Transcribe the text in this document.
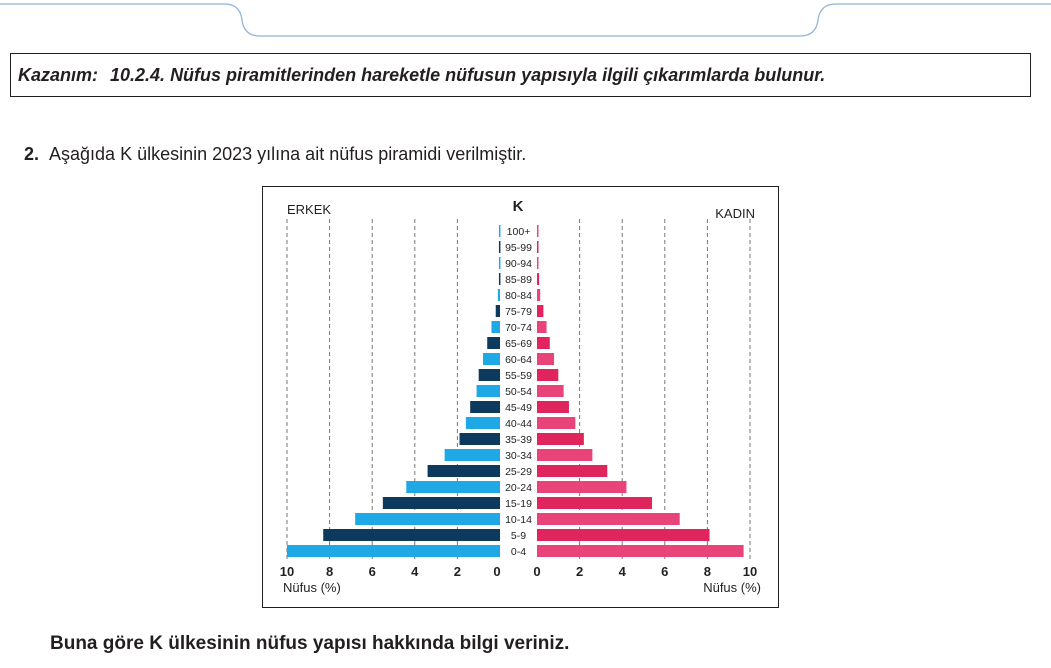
Kazanım: 10.2.4. Nüfus piramitlerinden hareketle nüfusun yapısıyla ilgili çıkarımlarda bulunur.
2. Aşağıda K ülkesinin 2023 yılına ait nüfus piramidi verilmiştir.
K
ERKEK	KADIN
100+
95-99
90-94
85-89
80-84
75-79
70-74
65-69
60-64
55-59
50-54
45-49
40-44
35-39
30-34
25-29
20-24
15-19
10-14
5-9
0-4
10 8	6	4	2 0	0	2	4	6	8 10
Nüfus (%)	Nüfus (%)
Buna göre K ülkesinin nüfus yapısı hakkında bilgi veriniz.
